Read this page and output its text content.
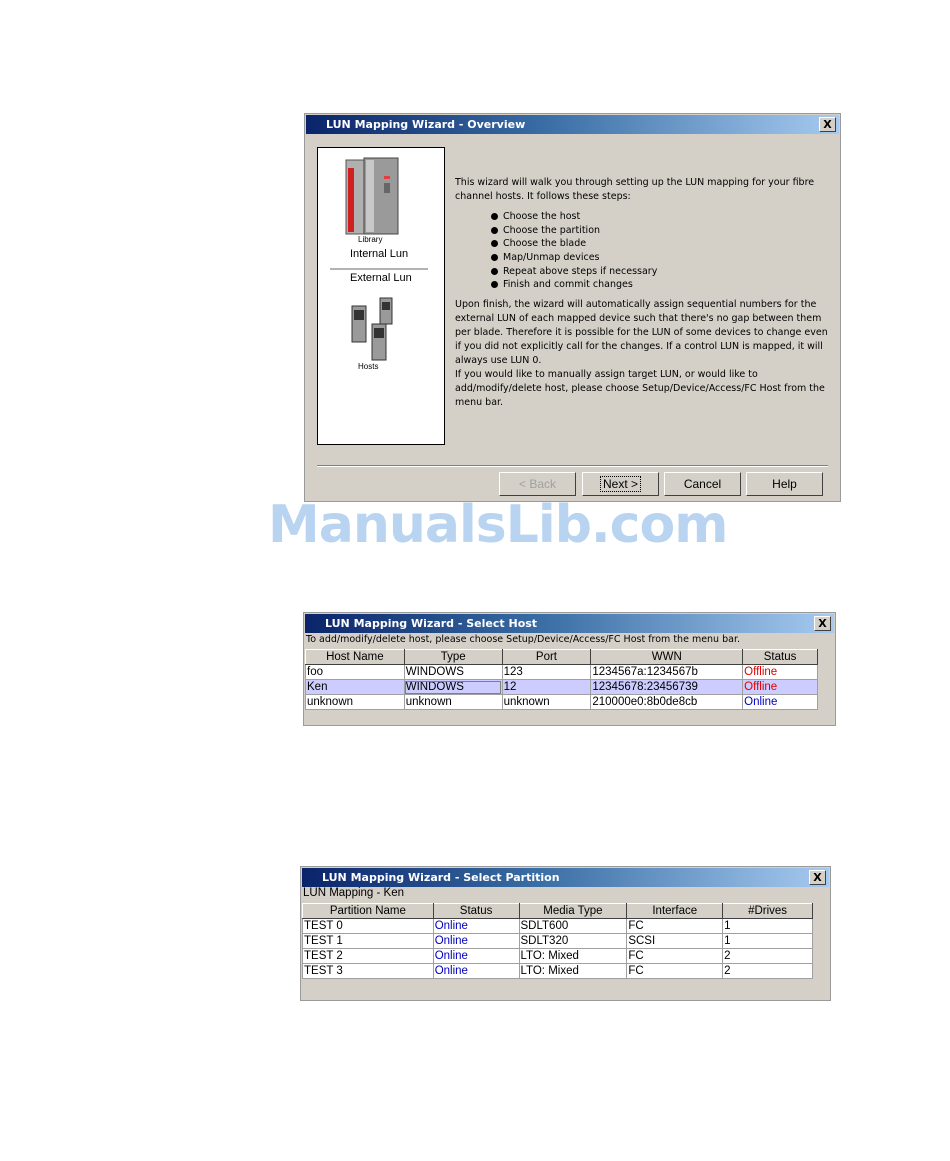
LUN Mapping Wizard - Overview	X
Library
Internal Lun
External Lun
Hosts

This wizard will walk you through setting up the LUN mapping for your fibre channel hosts. It follows these steps:

Choose the host
Choose the partition
Choose the blade
Map/Unmap devices
Repeat above steps if necessary
Finish and commit changes

Upon finish, the wizard will automatically assign sequential numbers for the external LUN of each mapped device such that there's no gap between them per blade. Therefore it is possible for the LUN of some devices to change even if you did not explicitly call for the changes. If a control LUN is mapped, it will always use LUN 0.

If you would like to manually assign target LUN, or would like to add/modify/delete host, please choose Setup/Device/Access/FC Host from the menu bar.

< Back	Next >	Cancel	Help
ManualsLib.com
LUN Mapping Wizard - Select Host	X
To add/modify/delete host, please choose Setup/Device/Access/FC Host from the menu bar.
Host Name	Type	Port	WWN	Status
foo	WINDOWS	123	1234567a:1234567b	Offline
Ken	WINDOWS	12	12345678:23456739	Offline
unknown	unknown	unknown	210000e0:8b0de8cb	Online
LUN Mapping Wizard - Select Partition	X
LUN Mapping - Ken
Partition Name	Status	Media Type	Interface	#Drives
TEST 0	Online	SDLT600	FC	1
TEST 1	Online	SDLT320	SCSI	1
TEST 2	Online	LTO: Mixed	FC	2
TEST 3	Online	LTO: Mixed	FC	2
